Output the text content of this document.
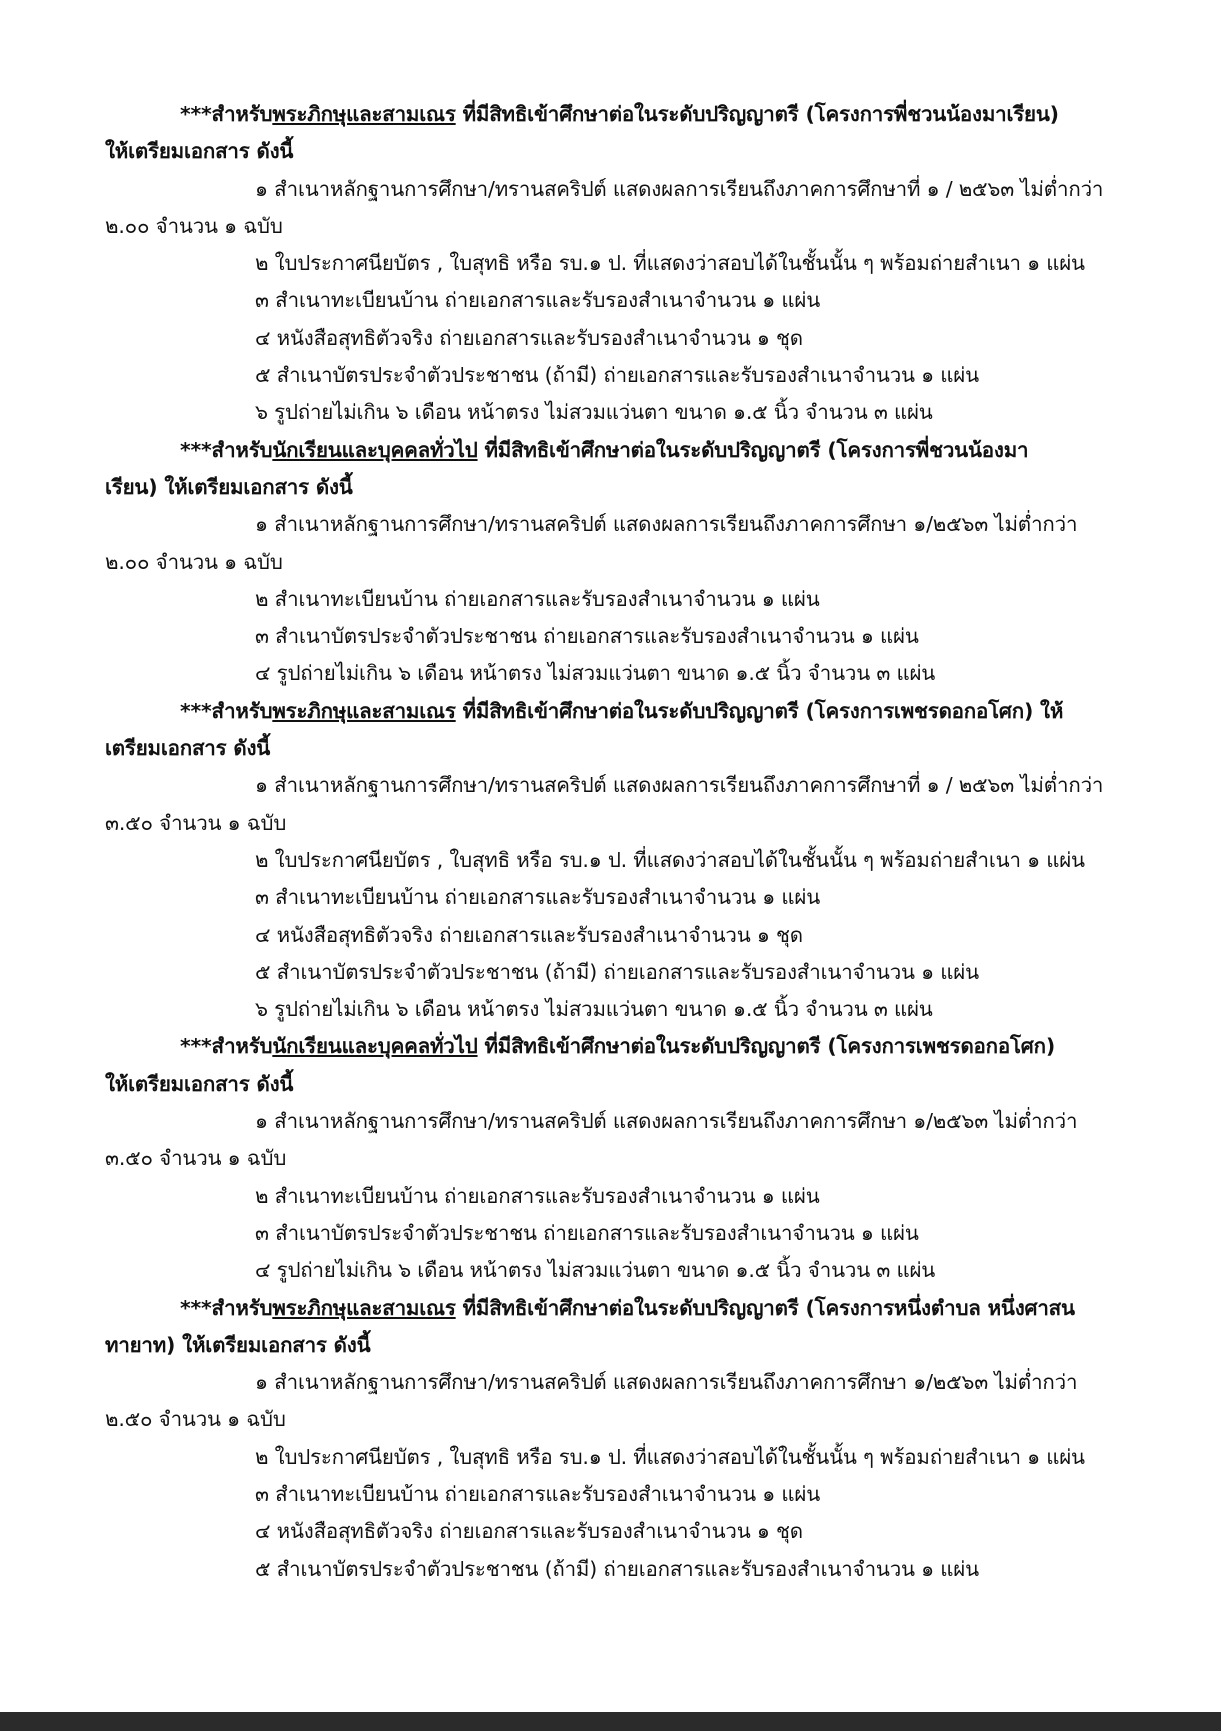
***สำหรับพระภิกษุและสามเณร ที่มีสิทธิเข้าศึกษาต่อในระดับปริญญาตรี (โครงการพี่ชวนน้องมาเรียน)
ให้เตรียมเอกสาร ดังนี้
๑ สำเนาหลักฐานการศึกษา/ทรานสคริปต์ แสดงผลการเรียนถึงภาคการศึกษาที่ ๑ / ๒๕๖๓ ไม่ต่ำกว่า
๒.๐๐ จำนวน ๑ ฉบับ
๒ ใบประกาศนียบัตร , ใบสุทธิ หรือ รบ.๑ ป. ที่แสดงว่าสอบได้ในชั้นนั้น ๆ พร้อมถ่ายสำเนา ๑ แผ่น
๓ สำเนาทะเบียนบ้าน ถ่ายเอกสารและรับรองสำเนาจำนวน ๑ แผ่น
๔ หนังสือสุทธิตัวจริง ถ่ายเอกสารและรับรองสำเนาจำนวน ๑ ชุด
๕ สำเนาบัตรประจำตัวประชาชน (ถ้ามี) ถ่ายเอกสารและรับรองสำเนาจำนวน ๑ แผ่น
๖ รูปถ่ายไม่เกิน ๖ เดือน หน้าตรง ไม่สวมแว่นตา ขนาด ๑.๕ นิ้ว จำนวน ๓ แผ่น
***สำหรับนักเรียนและบุคคลทั่วไป ที่มีสิทธิเข้าศึกษาต่อในระดับปริญญาตรี (โครงการพี่ชวนน้องมา
เรียน) ให้เตรียมเอกสาร ดังนี้
๑ สำเนาหลักฐานการศึกษา/ทรานสคริปต์ แสดงผลการเรียนถึงภาคการศึกษา ๑/๒๕๖๓ ไม่ต่ำกว่า
๒.๐๐ จำนวน ๑ ฉบับ
๒ สำเนาทะเบียนบ้าน ถ่ายเอกสารและรับรองสำเนาจำนวน ๑ แผ่น
๓ สำเนาบัตรประจำตัวประชาชน ถ่ายเอกสารและรับรองสำเนาจำนวน ๑ แผ่น
๔ รูปถ่ายไม่เกิน ๖ เดือน หน้าตรง ไม่สวมแว่นตา ขนาด ๑.๕ นิ้ว จำนวน ๓ แผ่น
***สำหรับพระภิกษุและสามเณร ที่มีสิทธิเข้าศึกษาต่อในระดับปริญญาตรี (โครงการเพชรดอกอโศก) ให้
เตรียมเอกสาร ดังนี้
๑ สำเนาหลักฐานการศึกษา/ทรานสคริปต์ แสดงผลการเรียนถึงภาคการศึกษาที่ ๑ / ๒๕๖๓ ไม่ต่ำกว่า
๓.๕๐ จำนวน ๑ ฉบับ
๒ ใบประกาศนียบัตร , ใบสุทธิ หรือ รบ.๑ ป. ที่แสดงว่าสอบได้ในชั้นนั้น ๆ พร้อมถ่ายสำเนา ๑ แผ่น
๓ สำเนาทะเบียนบ้าน ถ่ายเอกสารและรับรองสำเนาจำนวน ๑ แผ่น
๔ หนังสือสุทธิตัวจริง ถ่ายเอกสารและรับรองสำเนาจำนวน ๑ ชุด
๕ สำเนาบัตรประจำตัวประชาชน (ถ้ามี) ถ่ายเอกสารและรับรองสำเนาจำนวน ๑ แผ่น
๖ รูปถ่ายไม่เกิน ๖ เดือน หน้าตรง ไม่สวมแว่นตา ขนาด ๑.๕ นิ้ว จำนวน ๓ แผ่น
***สำหรับนักเรียนและบุคคลทั่วไป ที่มีสิทธิเข้าศึกษาต่อในระดับปริญญาตรี (โครงการเพชรดอกอโศก)
ให้เตรียมเอกสาร ดังนี้
๑ สำเนาหลักฐานการศึกษา/ทรานสคริปต์ แสดงผลการเรียนถึงภาคการศึกษา ๑/๒๕๖๓ ไม่ต่ำกว่า
๓.๕๐ จำนวน ๑ ฉบับ
๒ สำเนาทะเบียนบ้าน ถ่ายเอกสารและรับรองสำเนาจำนวน ๑ แผ่น
๓ สำเนาบัตรประจำตัวประชาชน ถ่ายเอกสารและรับรองสำเนาจำนวน ๑ แผ่น
๔ รูปถ่ายไม่เกิน ๖ เดือน หน้าตรง ไม่สวมแว่นตา ขนาด ๑.๕ นิ้ว จำนวน ๓ แผ่น
***สำหรับพระภิกษุและสามเณร ที่มีสิทธิเข้าศึกษาต่อในระดับปริญญาตรี (โครงการหนึ่งตำบล หนึ่งศาสน
ทายาท) ให้เตรียมเอกสาร ดังนี้
๑ สำเนาหลักฐานการศึกษา/ทรานสคริปต์ แสดงผลการเรียนถึงภาคการศึกษา ๑/๒๕๖๓ ไม่ต่ำกว่า
๒.๕๐ จำนวน ๑ ฉบับ
๒ ใบประกาศนียบัตร , ใบสุทธิ หรือ รบ.๑ ป. ที่แสดงว่าสอบได้ในชั้นนั้น ๆ พร้อมถ่ายสำเนา ๑ แผ่น
๓ สำเนาทะเบียนบ้าน ถ่ายเอกสารและรับรองสำเนาจำนวน ๑ แผ่น
๔ หนังสือสุทธิตัวจริง ถ่ายเอกสารและรับรองสำเนาจำนวน ๑ ชุด
๕ สำเนาบัตรประจำตัวประชาชน (ถ้ามี) ถ่ายเอกสารและรับรองสำเนาจำนวน ๑ แผ่น
